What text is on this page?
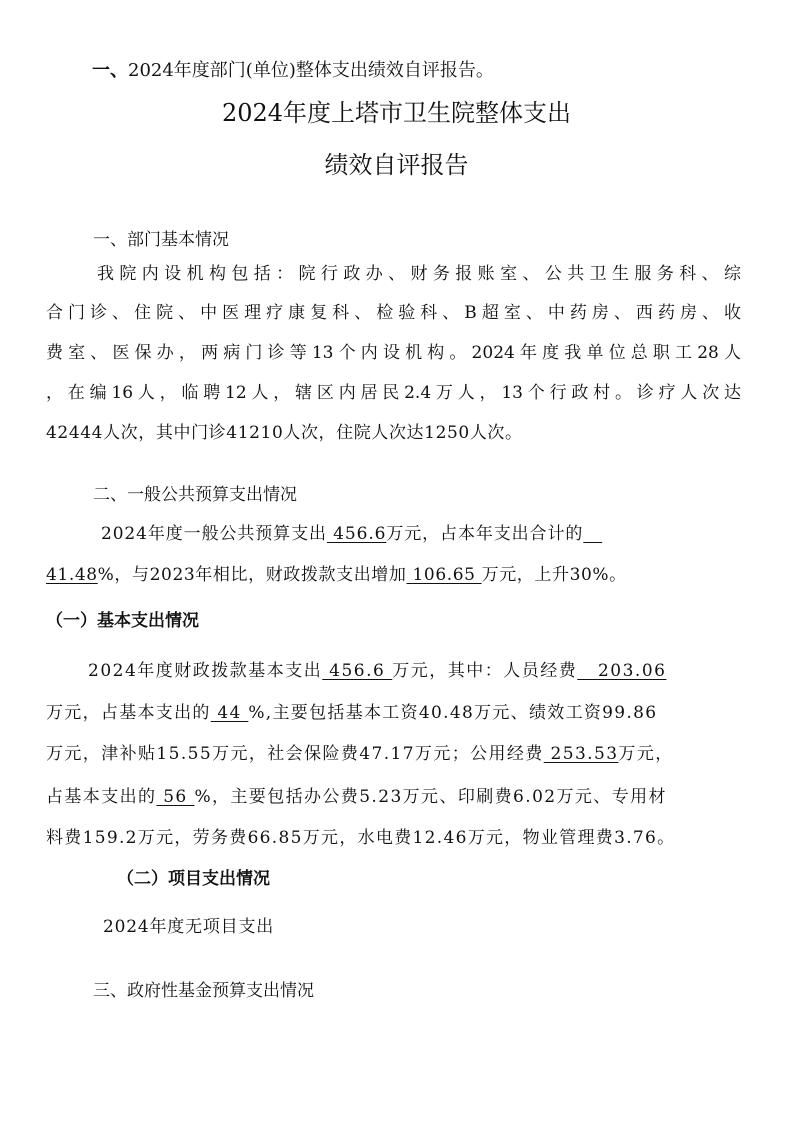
一、2024年度部门(单位)整体支出绩效自评报告。
2024年度上塔市卫生院整体支出
绩效自评报告
一、部门基本情况
我院内设机构包括：院行政办、财务报账室、公共卫生服务科、综
合门诊、住院、中医理疗康复科、检验科、B超室、中药房、西药房、收
费室、医保办，两病门诊等13个内设机构。2024年度我单位总职工28人
，在编16人，临聘12人，辖区内居民2.4万人，13个行政村。诊疗人次达
42444人次，其中门诊41210人次，住院人次达1250人次。
二、一般公共预算支出情况
2024年度一般公共预算支出 456.6万元，占本年支出合计的
41.48%，与2023年相比，财政拨款支出增加 106.65 万元，上升30%。
（一）基本支出情况
2024年度财政拨款基本支出 456.6 万元，其中：人员经费   203.06
万元，占基本支出的 44 %,主要包括基本工资40.48万元、绩效工资99.86
万元，津补贴15.55万元，社会保险费47.17万元；公用经费 253.53万元，
占基本支出的 56 %，主要包括办公费5.23万元、印刷费6.02万元、专用材
料费159.2万元，劳务费66.85万元，水电费12.46万元，物业管理费3.76。
（二）项目支出情况
2024年度无项目支出
三、政府性基金预算支出情况
